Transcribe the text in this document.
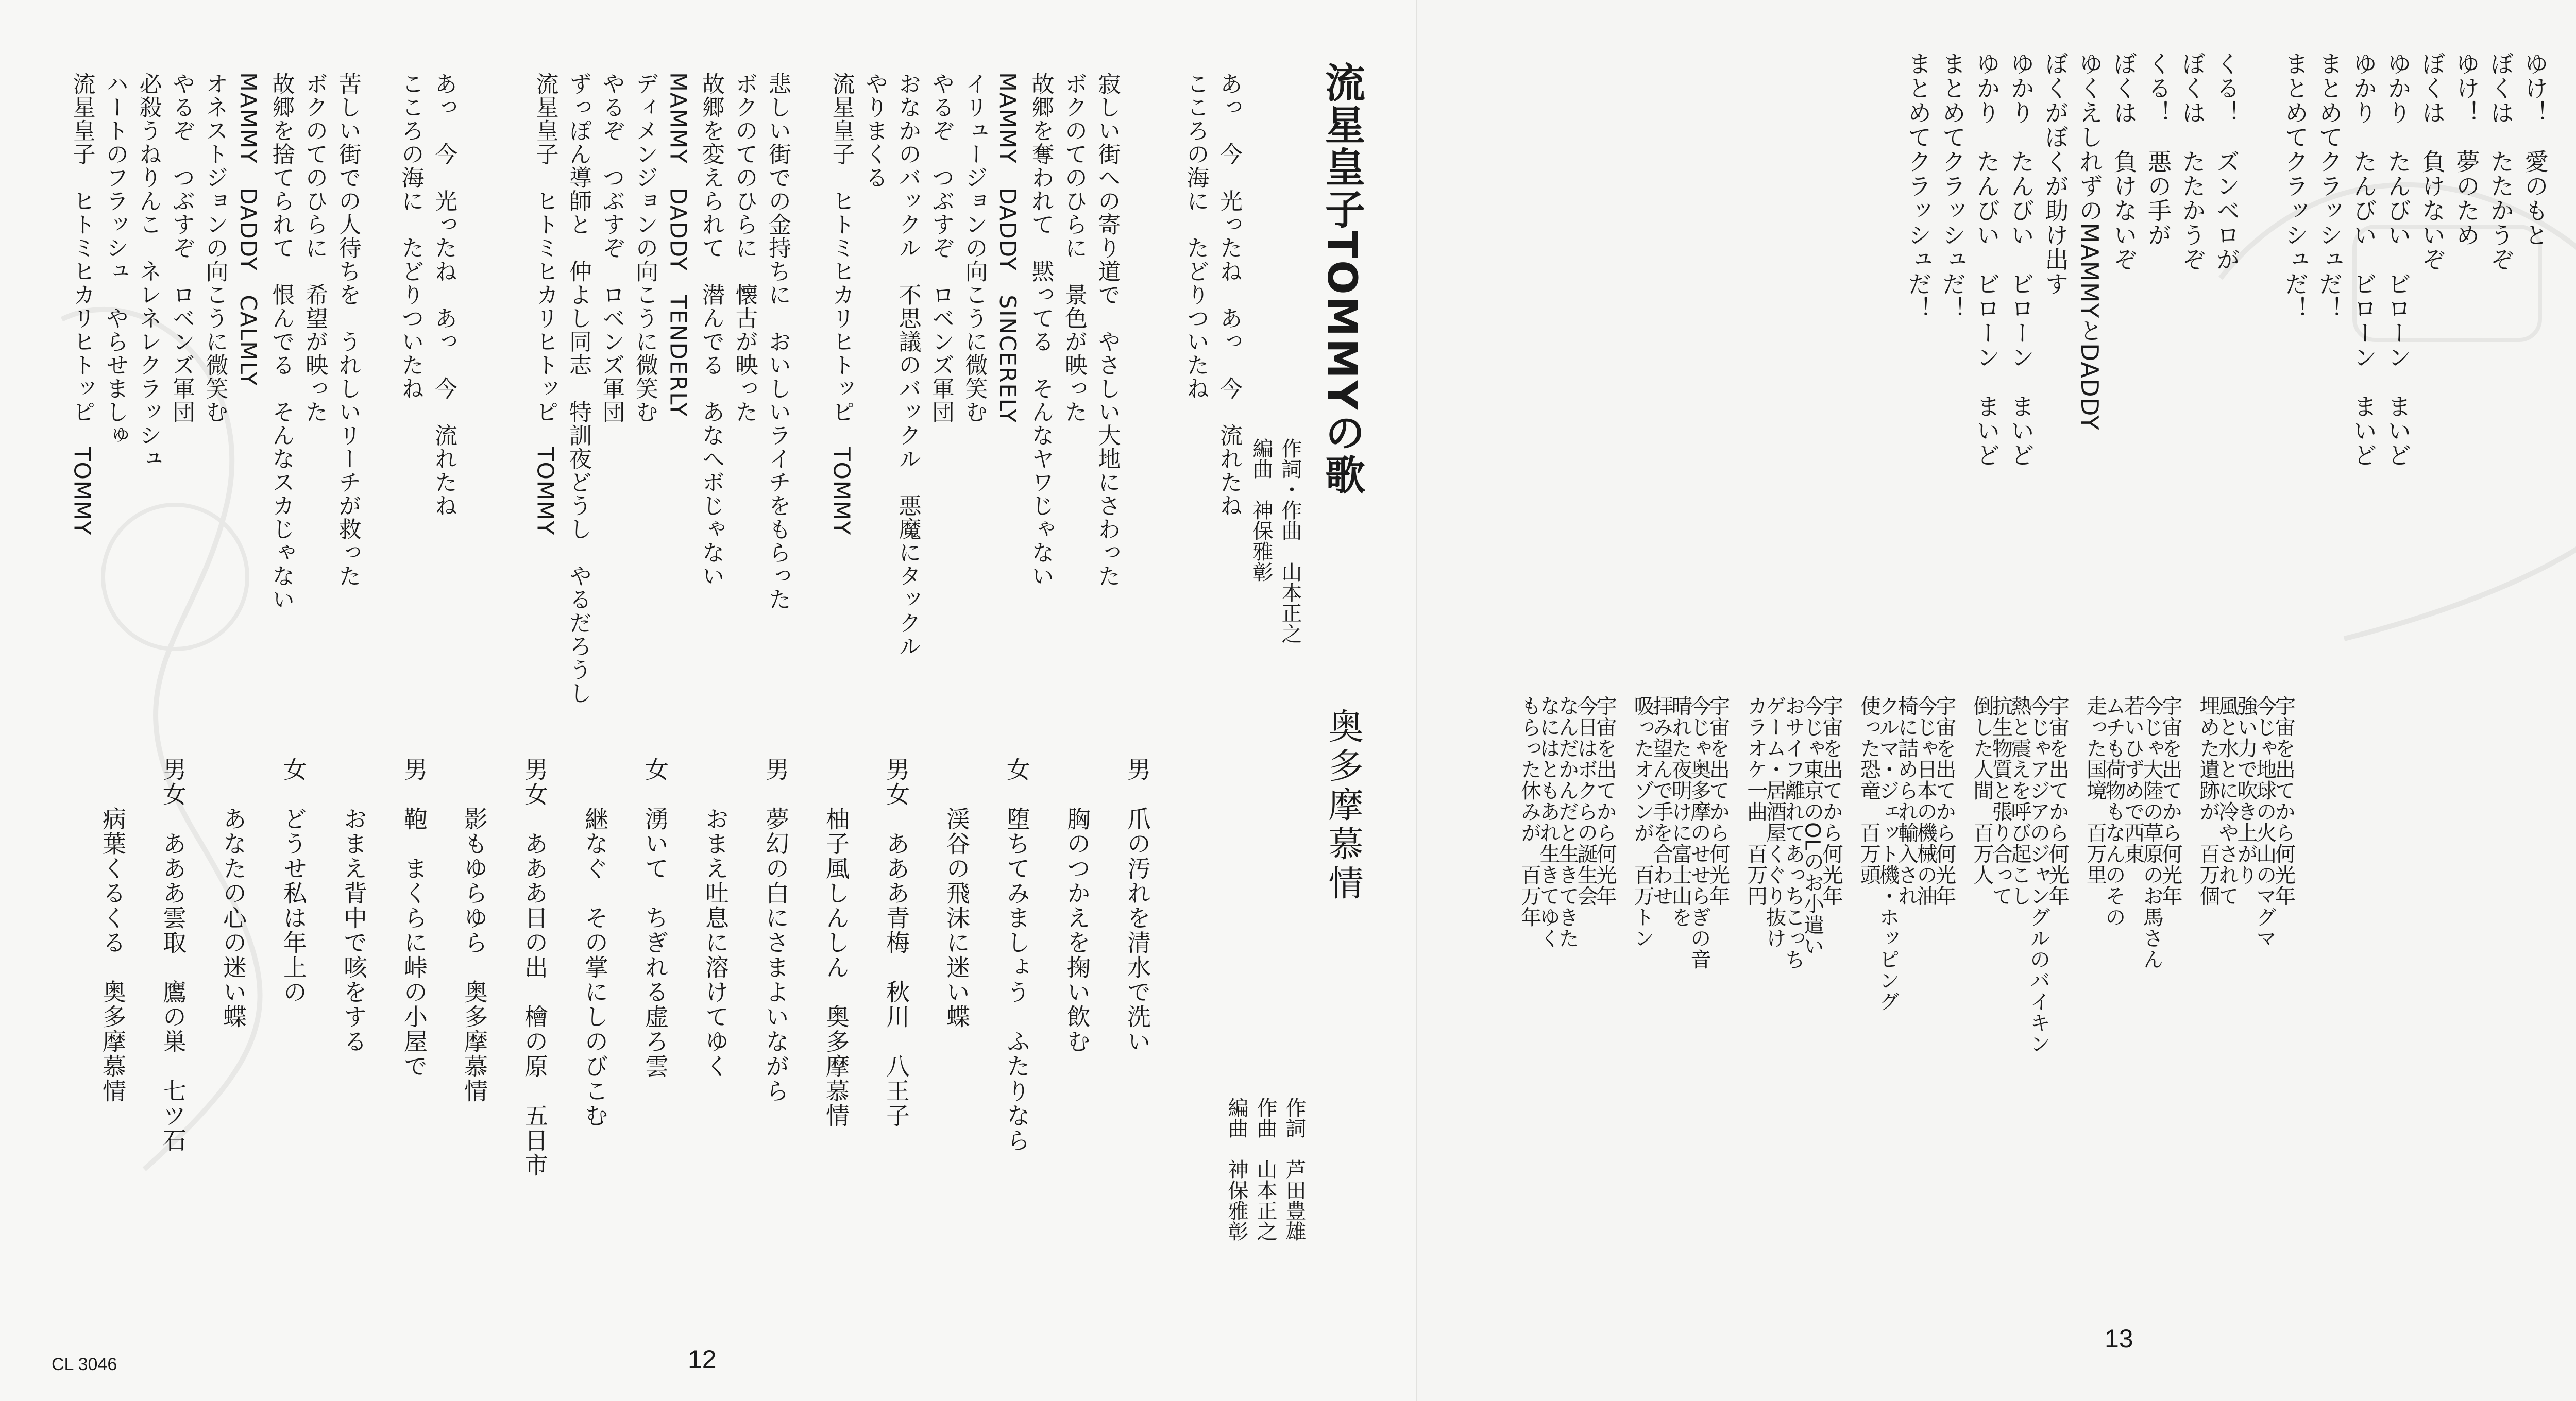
流星皇子TOMMYの歌
作詞・作曲　山本正之
編曲　神保雅彰
あっ　今　光ったね　あっ　今　流れたね
こころの海に　たどりついたね
寂しい街への寄り道で　やさしい大地にさわった
ボクのてのひらに　景色が映った
故郷を奪われて　黙ってる　そんなヤワじゃない
MAMMY　DADDY　SINCERELY
イリュージョンの向こうに微笑む
やるぞ　つぶすぞ　ロベンズ軍団
おなかのバックル　不思議のバックル　悪魔にタックル
やりまくる
流星皇子　ヒトミヒカリヒトッピ　TOMMY
悲しい街での金持ちに　おいしいライチをもらった
ボクのてのひらに　懐古が映った
故郷を変えられて　潜んでる　あなへボじゃない
MAMMY　DADDY　TENDERLY
ディメンジョンの向こうに微笑む
やるぞ　つぶすぞ　ロベンズ軍団
ずっぽん導師と　仲よし同志　特訓夜どうし　やるだろうし
流星皇子　ヒトミヒカリヒトッピ　TOMMY
あっ　今　光ったね　あっ　今　流れたね
こころの海に　たどりついたね
苦しい街での人待ちを　うれしいリーチが救った
ボクのてのひらに　希望が映った
故郷を捨てられて　恨んでる　そんなスカじゃない
MAMMY　DADDY　CALMLY
オネストジョンの向こうに微笑む
やるぞ　つぶすぞ　ロベンズ軍団
必殺うねりんこ　ネレネレクラッシュ
ハートのフラッシュ　やらせましゅ
流星皇子　ヒトミヒカリヒトッピ　TOMMY
奥多摩慕情
作詞　芦田豊雄
作曲　山本正之
編曲　神保雅彰
男　爪の汚れを清水で洗い
　　胸のつかえを掬い飲む
女　堕ちてみましょう　ふたりなら
　　渓谷の飛沫に迷い蝶
男女　あああ青梅　秋川　八王子
　　柚子風しんしん　奥多摩慕情
男　夢幻の白にさまよいながら
　　おまえ吐息に溶けてゆく
女　湧いて　ちぎれる虚ろ雲
　　継なぐ　その掌にしのびこむ
男女　あああ日の出　檜の原　五日市
　　影もゆらゆら　奥多摩慕情
男　鞄　まくらに峠の小屋で
　　おまえ背中で咳をする
女　どうせ私は年上の
　　あなたの心の迷い蝶
男女　あああ雲取　鷹の巣　七ツ石
　　病葉くるくる　奥多摩慕情
12
CL 3046
ゆけ！　愛のもと
ぼくは　たたかうぞ
ゆけ！　夢のため
ぼくは　負けないぞ
ゆかり　たんびい　ビローン　まいど
ゆかり　たんびい　ビローン　まいど
まとめてクラッシュだ！
まとめてクラッシュだ！

くる！　ズンベロが
ぼくは　たたかうぞ
くる！　悪の手が
ぼくは　負けないぞ
ゆくえしれずのMAMMYとDADDY
ぼくがぼくが助け出す
ゆかり　たんびい　ビローン　まいど
ゆかり　たんびい　ビローン　まいど
まとめてクラッシュだ！
まとめてクラッシュだ！
宇宙を出てから何光年
今じゃ地球の火山のマグマ
強い力で吹き上がり
風と水とに冷やされて
埋めた遺跡が　百万個

宇宙を出てから何光年
今じゃ大陸の草原のお馬さん
若いひずめで西東
ムチも荷物もなんのその
走った国境　百万里

宇宙を出てから何光年
今じゃアジアのジャングルのバイキン
熱と震えを呼び起こし
抗生物質と張り合って
倒した人間　百万人

宇宙を出てから何光年
今じゃ日本の機械の油
椅に詰められ輸入され
クルマ・ジェット機・ホッピング
使った恐竜　百万頭

宇宙を出てから何光年
今じゃ東京のOLのお小遣い
おサイフ離れてあっちこっち
ゲーム・居酒屋くぐり抜け
カラオケ一曲　百万円

宇宙を出てから何光年
今じゃ奥多摩のせせらぎの音
晴れた夜明けに富士山を
拝み望んで手を合わせ
吸ったオゾンが　百万トン

宇宙を出てから何光年
今日はボクらの誕生会
なんだかんだと生きてきた
なにはともあれ生きてゆく
もらった休みが　百万年
13
